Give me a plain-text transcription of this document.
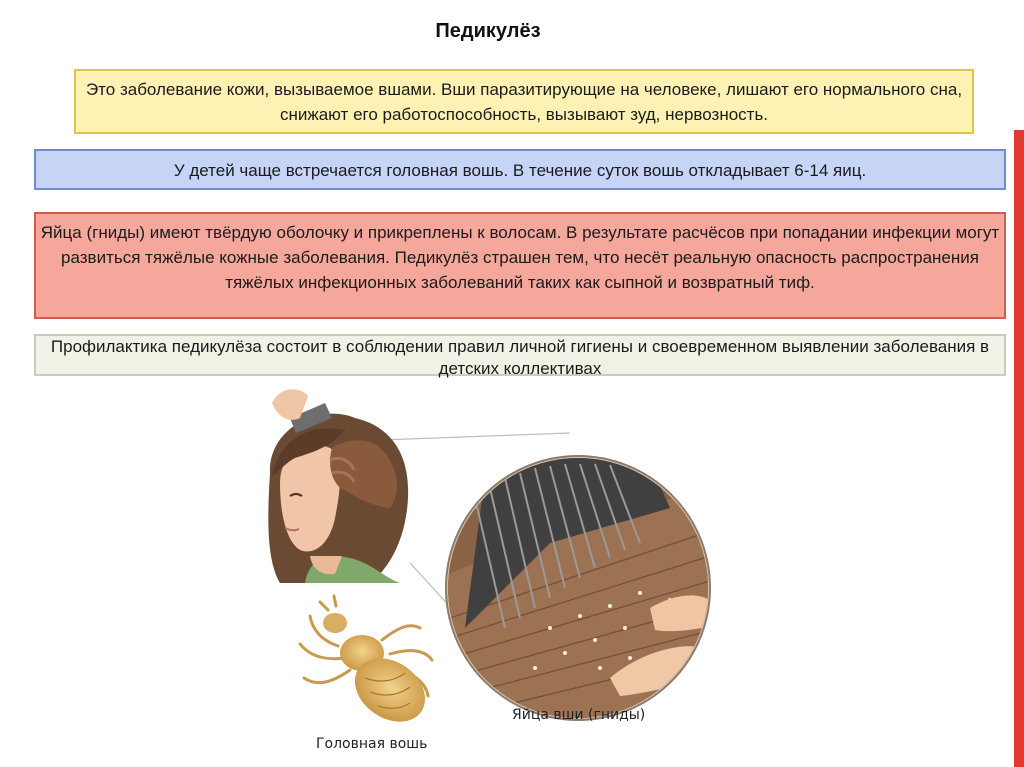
Педикулёз
Это заболевание кожи, вызываемое вшами. Вши паразитирующие на человеке, лишают его нормального сна, снижают его работоспособность, вызывают зуд, нервозность.
У детей чаще встречается головная вошь. В течение суток вошь откладывает 6-14 яиц.
Яйца (гниды) имеют твёрдую оболочку и прикреплены к волосам. В результате расчёсов при попадании инфекции могут развиться тяжёлые кожные заболевания. Педикулёз страшен тем, что несёт реальную опасность распространения тяжёлых инфекционных заболеваний таких как сыпной и возвратный тиф.
Профилактика педикулёза состоит в соблюдении правил личной гигиены и своевременном выявлении заболевания в детских коллективах
Яйца вши (гниды)
Головная вошь
